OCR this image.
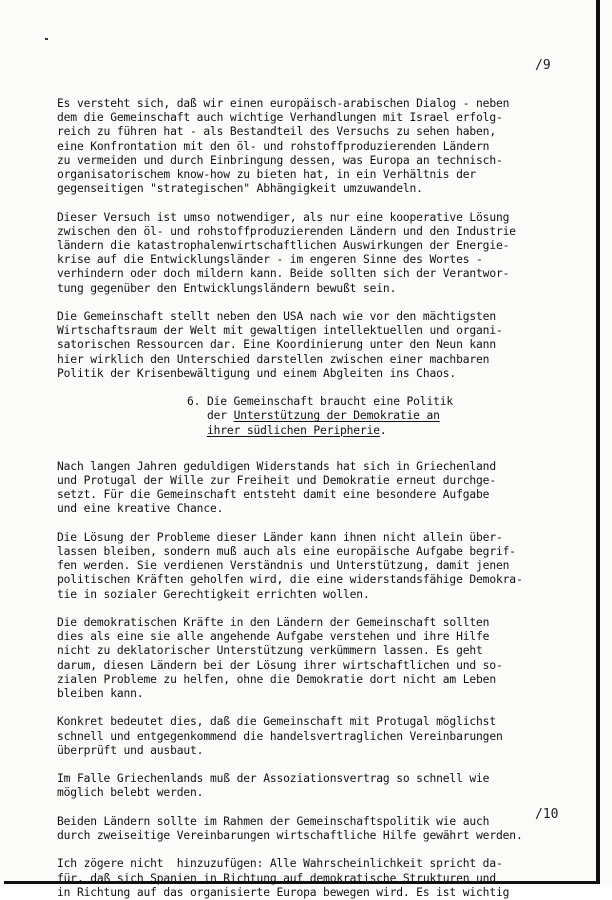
/9

Es versteht sich, daß wir einen europäisch-arabischen Dialog - neben
dem die Gemeinschaft auch wichtige Verhandlungen mit Israel erfolg-
reich zu führen hat - als Bestandteil des Versuchs zu sehen haben,
eine Konfrontation mit den öl- und rohstoffproduzierenden Ländern
zu vermeiden und durch Einbringung dessen, was Europa an technisch-
organisatorischem know-how zu bieten hat, in ein Verhältnis der
gegenseitigen "strategischen" Abhängigkeit umzuwandeln.

Dieser Versuch ist umso notwendiger, als nur eine kooperative Lösung
zwischen den öl- und rohstoffproduzierenden Ländern und den Industrie
ländern die katastrophalenwirtschaftlichen Auswirkungen der Energie-
krise auf die Entwicklungsländer - im engeren Sinne des Wortes -
verhindern oder doch mildern kann. Beide sollten sich der Verantwor-
tung gegenüber den Entwicklungsländern bewußt sein.

Die Gemeinschaft stellt neben den USA nach wie vor den mächtigsten
Wirtschaftsraum der Welt mit gewaltigen intellektuellen und organi-
satorischen Ressourcen dar. Eine Koordinierung unter den Neun kann
hier wirklich den Unterschied darstellen zwischen einer machbaren
Politik der Krisenbewältigung und einem Abgleiten ins Chaos.

6. Die Gemeinschaft braucht eine Politik
der Unterstützung der Demokratie an
ihrer südlichen Peripherie.

Nach langen Jahren geduldigen Widerstands hat sich in Griechenland
und Protugal der Wille zur Freiheit und Demokratie erneut durchge-
setzt. Für die Gemeinschaft entsteht damit eine besondere Aufgabe
und eine kreative Chance.

Die Lösung der Probleme dieser Länder kann ihnen nicht allein über-
lassen bleiben, sondern muß auch als eine europäische Aufgabe begrif-
fen werden. Sie verdienen Verständnis und Unterstützung, damit jenen
politischen Kräften geholfen wird, die eine widerstandsfähige Demokra-
tie in sozialer Gerechtigkeit errichten wollen.

Die demokratischen Kräfte in den Ländern der Gemeinschaft sollten
dies als eine sie alle angehende Aufgabe verstehen und ihre Hilfe
nicht zu deklatorischer Unterstützung verkümmern lassen. Es geht
darum, diesen Ländern bei der Lösung ihrer wirtschaftlichen und so-
zialen Probleme zu helfen, ohne die Demokratie dort nicht am Leben
bleiben kann.

Konkret bedeutet dies, daß die Gemeinschaft mit Protugal möglichst
schnell und entgegenkommend die handelsvertraglichen Vereinbarungen
überprüft und ausbaut.

Im Falle Griechenlands muß der Assoziationsvertrag so schnell wie
möglich belebt werden.

Beiden Ländern sollte im Rahmen der Gemeinschaftspolitik wie auch
durch zweiseitige Vereinbarungen wirtschaftliche Hilfe gewährt werden.

Ich zögere nicht  hinzuzufügen: Alle Wahrscheinlichkeit spricht da-
für, daß sich Spanien in Richtung auf demokratische Strukturen und
in Richtung auf das organisierte Europa bewegen wird. Es ist wichtig

/10
